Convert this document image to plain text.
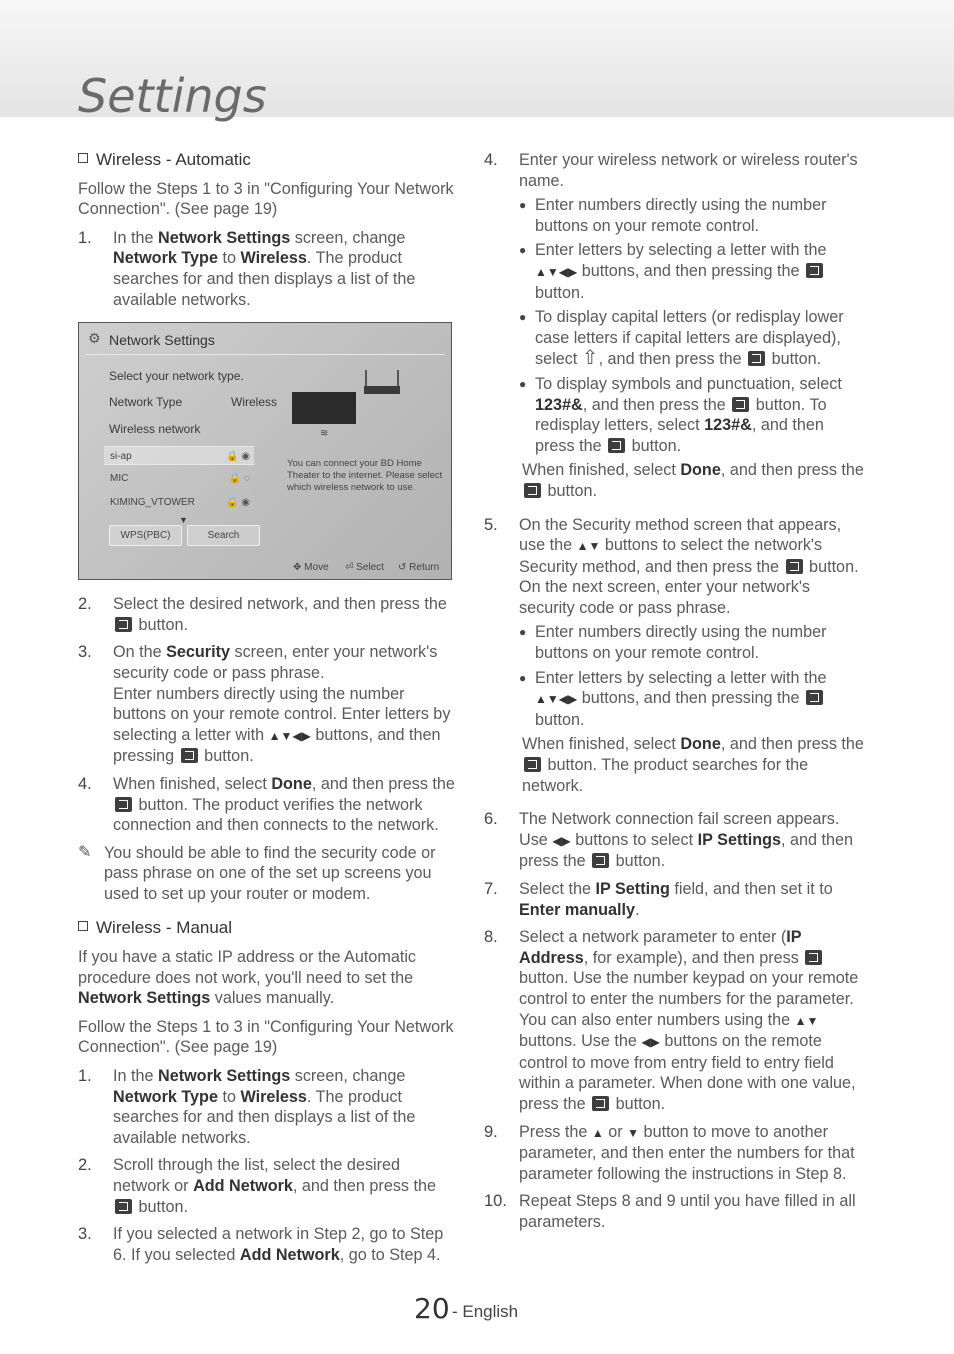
Settings
Wireless - Automatic

Follow the Steps 1 to 3 in "Configuring Your Network Connection". (See page 19)

1.	In the Network Settings screen, change Network Type to Wireless. The product searches for and then displays a list of the available networks.
⚙ Network Settings
Select your network type.
Network Type	Wireless
Wireless network
si-ap	🔒 ◉
MIC	🔒 ◌
KIMING_VTOWER	🔒 ◉
▼
≋
You can connect your BD Home Theater to the internet. Please select which wireless network to use.
WPS(PBC)	Search
✥ Move ⏎ Select ↺ Return
2.	Select the desired network, and then press the  button.
3.	On the Security screen, enter your network's security code or pass phrase.
Enter numbers directly using the number buttons on your remote control. Enter letters by selecting a letter with ▲▼◀▶ buttons, and then pressing  button.
4.	When finished, select Done, and then press the  button. The product verifies the network connection and then connects to the network.
✎ You should be able to find the security code or pass phrase on one of the set up screens you used to set up your router or modem.
Wireless - Manual

If you have a static IP address or the Automatic procedure does not work, you'll need to set the Network Settings values manually.

Follow the Steps 1 to 3 in "Configuring Your Network Connection". (See page 19)

1.	In the Network Settings screen, change Network Type to Wireless. The product searches for and then displays a list of the available networks.
2.	Scroll through the list, select the desired network or Add Network, and then press the  button.
3.	If you selected a network in Step 2, go to Step 6. If you selected Add Network, go to Step 4.
4.	Enter your wireless network or wireless router's name.
● Enter numbers directly using the number buttons on your remote control.
● Enter letters by selecting a letter with the ▲▼◀▶ buttons, and then pressing the  button.
● To display capital letters (or redisplay lower case letters if capital letters are displayed), select ⇧, and then press the  button.
● To display symbols and punctuation, select 123#&, and then press the  button. To redisplay letters, select 123#&, and then press the  button.
When finished, select Done, and then press the  button.
5.	On the Security method screen that appears, use the ▲▼ buttons to select the network's Security method, and then press the  button. On the next screen, enter your network's security code or pass phrase.
● Enter numbers directly using the number buttons on your remote control.
● Enter letters by selecting a letter with the ▲▼◀▶ buttons, and then pressing the  button.
When finished, select Done, and then press the  button. The product searches for the network.
6.	The Network connection fail screen appears. Use ◀▶ buttons to select IP Settings, and then press the  button.
7.	Select the IP Setting field, and then set it to Enter manually.
8.	Select a network parameter to enter (IP Address, for example), and then press  button. Use the number keypad on your remote control to enter the numbers for the parameter. You can also enter numbers using the ▲▼ buttons. Use the ◀▶ buttons on the remote control to move from entry field to entry field within a parameter. When done with one value, press the  button.
9.	Press the ▲ or ▼ button to move to another parameter, and then enter the numbers for that parameter following the instructions in Step 8.
10. Repeat Steps 8 and 9 until you have filled in all parameters.
20 - English
